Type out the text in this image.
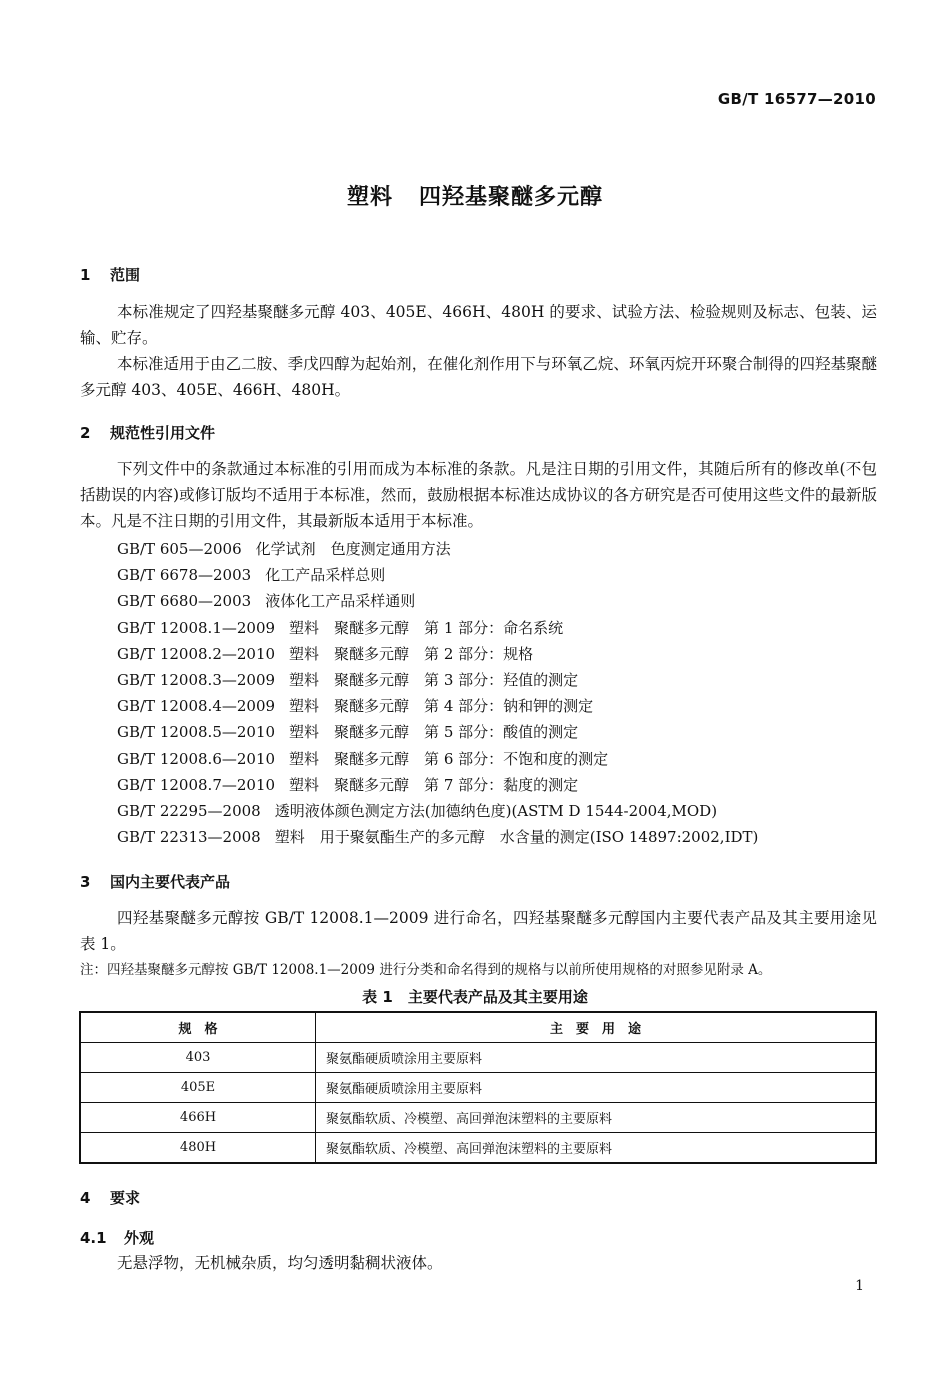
GB/T 16577—2010
塑料 四羟基聚醚多元醇
1 范围
本标准规定了四羟基聚醚多元醇 403、405E、466H、480H 的要求、试验方法、检验规则及标志、包装、运输、贮存。
本标准适用于由乙二胺、季戊四醇为起始剂，在催化剂作用下与环氧乙烷、环氧丙烷开环聚合制得的四羟基聚醚多元醇 403、405E、466H、480H。
2 规范性引用文件
下列文件中的条款通过本标准的引用而成为本标准的条款。凡是注日期的引用文件，其随后所有的修改单(不包括勘误的内容)或修订版均不适用于本标准，然而，鼓励根据本标准达成协议的各方研究是否可使用这些文件的最新版本。凡是不注日期的引用文件，其最新版本适用于本标准。
GB/T 605—2006 化学试剂　色度测定通用方法
GB/T 6678—2003 化工产品采样总则
GB/T 6680—2003 液体化工产品采样通则
GB/T 12008.1—2009 塑料　聚醚多元醇　第 1 部分：命名系统
GB/T 12008.2—2010 塑料　聚醚多元醇　第 2 部分：规格
GB/T 12008.3—2009 塑料　聚醚多元醇　第 3 部分：羟值的测定
GB/T 12008.4—2009 塑料　聚醚多元醇　第 4 部分：钠和钾的测定
GB/T 12008.5—2010 塑料　聚醚多元醇　第 5 部分：酸值的测定
GB/T 12008.6—2010 塑料　聚醚多元醇　第 6 部分：不饱和度的测定
GB/T 12008.7—2010 塑料　聚醚多元醇　第 7 部分：黏度的测定
GB/T 22295—2008 透明液体颜色测定方法(加德纳色度)(ASTM D 1544-2004,MOD)
GB/T 22313—2008 塑料　用于聚氨酯生产的多元醇　水含量的测定(ISO 14897:2002,IDT)
3 国内主要代表产品
四羟基聚醚多元醇按 GB/T 12008.1—2009 进行命名，四羟基聚醚多元醇国内主要代表产品及其主要用途见表 1。
注：四羟基聚醚多元醇按 GB/T 12008.1—2009 进行分类和命名得到的规格与以前所使用规格的对照参见附录 A。
表 1　主要代表产品及其主要用途
规　格	主　要　用　途
403	聚氨酯硬质喷涂用主要原料
405E	聚氨酯硬质喷涂用主要原料
466H	聚氨酯软质、冷模塑、高回弹泡沫塑料的主要原料
480H	聚氨酯软质、冷模塑、高回弹泡沫塑料的主要原料
4 要求
4.1 外观
无悬浮物，无机械杂质，均匀透明黏稠状液体。
1
